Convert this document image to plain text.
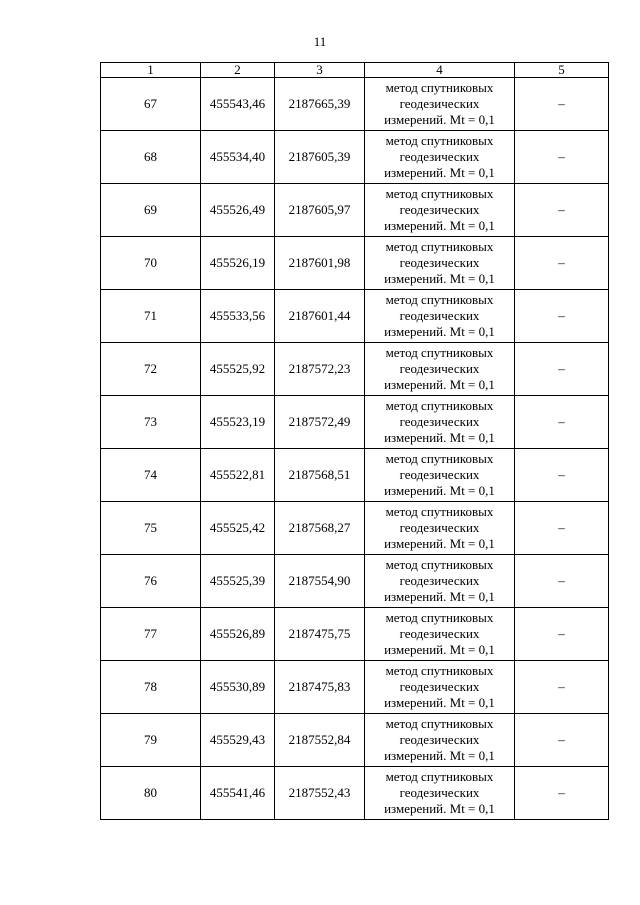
11
1	2	3	4	5
67	455543,46	2187665,39	метод спутниковых
геодезических
измерений. Mt = 0,1	–
68	455534,40	2187605,39	метод спутниковых
геодезических
измерений. Mt = 0,1	–
69	455526,49	2187605,97	метод спутниковых
геодезических
измерений. Mt = 0,1	–
70	455526,19	2187601,98	метод спутниковых
геодезических
измерений. Mt = 0,1	–
71	455533,56	2187601,44	метод спутниковых
геодезических
измерений. Mt = 0,1	–
72	455525,92	2187572,23	метод спутниковых
геодезических
измерений. Mt = 0,1	–
73	455523,19	2187572,49	метод спутниковых
геодезических
измерений. Mt = 0,1	–
74	455522,81	2187568,51	метод спутниковых
геодезических
измерений. Mt = 0,1	–
75	455525,42	2187568,27	метод спутниковых
геодезических
измерений. Mt = 0,1	–
76	455525,39	2187554,90	метод спутниковых
геодезических
измерений. Mt = 0,1	–
77	455526,89	2187475,75	метод спутниковых
геодезических
измерений. Mt = 0,1	–
78	455530,89	2187475,83	метод спутниковых
геодезических
измерений. Mt = 0,1	–
79	455529,43	2187552,84	метод спутниковых
геодезических
измерений. Mt = 0,1	–
80	455541,46	2187552,43	метод спутниковых
геодезических
измерений. Mt = 0,1	–
